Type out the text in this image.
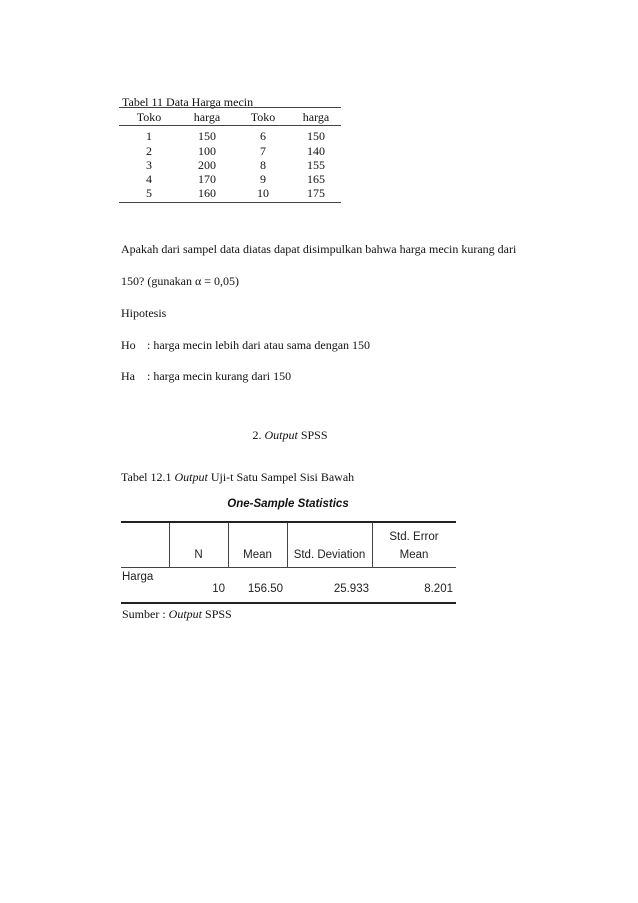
Tabel 11 Data Harga mecin
Toko	harga	Toko	harga
1	150	6	150
2	100	7	140
3	200	8	155
4	170	9	165
5	160	10	175
Apakah dari sampel data diatas dapat disimpulkan bahwa harga mecin kurang dari
150? (gunakan α = 0,05)
Hipotesis
Ho : harga mecin lebih dari atau sama dengan 150
Ha : harga mecin kurang dari 150
2. Output SPSS
Tabel 12.1 Output Uji-t Satu Sampel Sisi Bawah
One-Sample Statistics
Std. Error
N	Mean	Std. Deviation	Mean
Harga
10	156.50	25.933	8.201
Sumber : Output SPSS
